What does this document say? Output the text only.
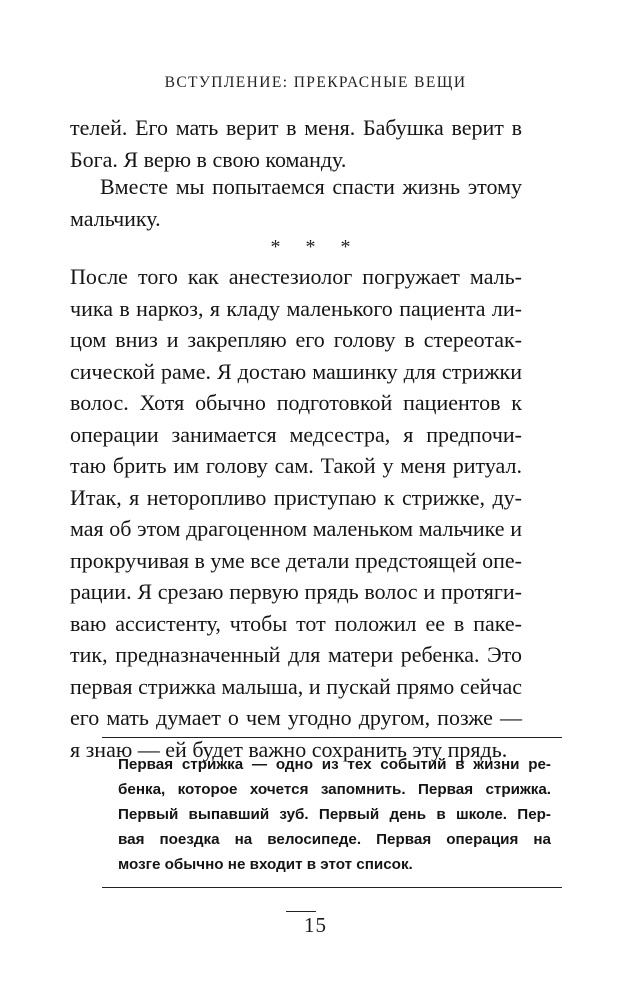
ВСТУПЛЕНИЕ: ПРЕКРАСНЫЕ ВЕЩИ
телей. Его мать верит в меня. Бабушка верит в
Бога. Я верю в свою команду.
Вместе мы попытаемся спасти жизнь этому
мальчику.
* * *
После того как анестезиолог погружает маль-
чика в наркоз, я кладу маленького пациента ли-
цом вниз и закрепляю его голову в стереотак-
сической раме. Я достаю машинку для стрижки
волос. Хотя обычно подготовкой пациентов к
операции занимается медсестра, я предпочи-
таю брить им голову сам. Такой у меня ритуал.
Итак, я неторопливо приступаю к стрижке, ду-
мая об этом драгоценном маленьком мальчике и
прокручивая в уме все детали предстоящей опе-
рации. Я срезаю первую прядь волос и протяги-
ваю ассистенту, чтобы тот положил ее в паке-
тик, предназначенный для матери ребенка. Это
первая стрижка малыша, и пускай прямо сейчас
его мать думает о чем угодно другом, позже —
я знаю — ей будет важно сохранить эту прядь.
Первая стрижка — одно из тех событий в жизни ре-
бенка, которое хочется запомнить. Первая стрижка.
Первый выпавший зуб. Первый день в школе. Пер-
вая поездка на велосипеде. Первая операция на
мозге обычно не входит в этот список.
15
